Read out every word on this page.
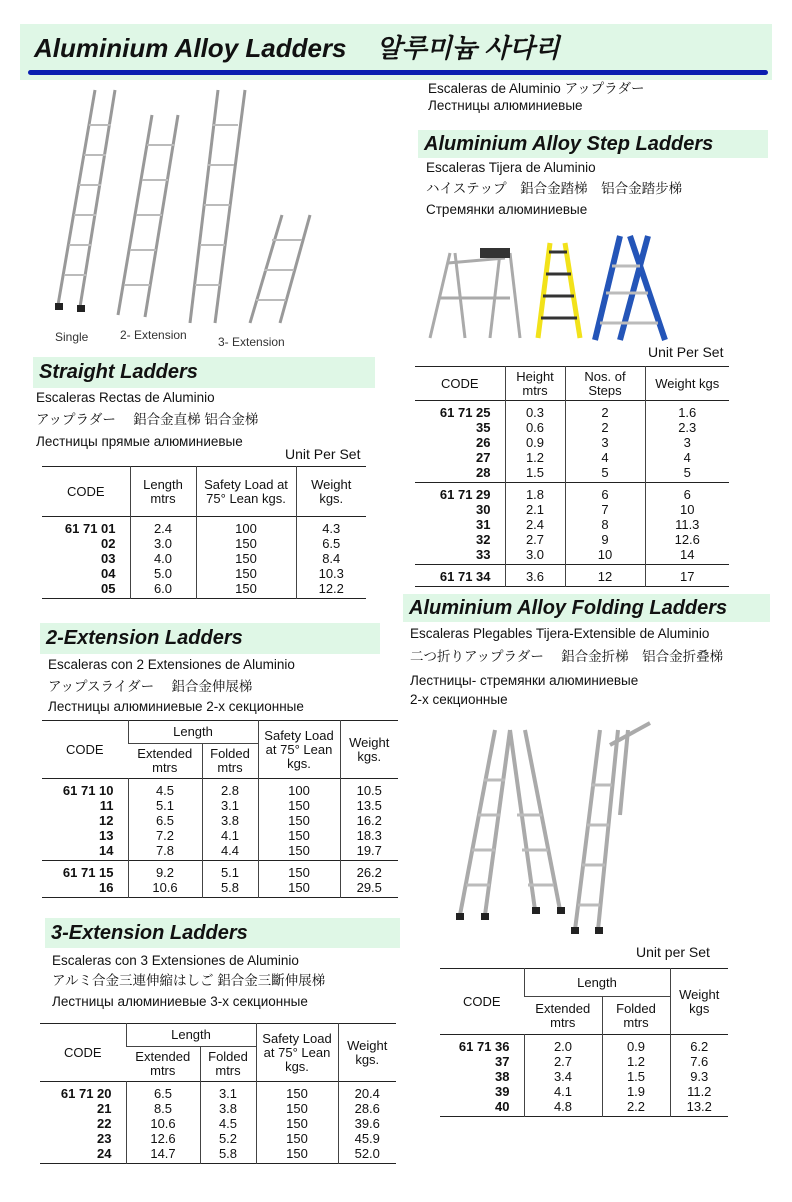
Aluminium Alloy Ladders 알루미늄 사다리
Single	2- Extension	3- Extension
Escaleras de Aluminio アップラダー
Лестницы алюминиевые
Straight Ladders
Escaleras Rectas de Aluminio
アップラダー　 鋁合金直梯 铝合金梯
Лестницы прямые алюминиевые
Unit Per Set
CODE	Length mtrs	Safety Load at 75° Lean kgs.	Weight kgs.
61 71 01	2.4	100	4.3
02	3.0	150	6.5
03	4.0	150	8.4
04	5.0	150	10.3
05	6.0	150	12.2
2-Extension Ladders
Escaleras con 2 Extensiones de Aluminio
アップスライダー　 鋁合金伸展梯
Лестницы алюминиевые 2-х секционные
CODE	Length		Safety Load at 75° Lean kgs.	Weight kgs.
	Extended mtrs	Folded mtrs		
61 71 10	4.5	2.8	100	10.5
11	5.1	3.1	150	13.5
12	6.5	3.8	150	16.2
13	7.2	4.1	150	18.3
14	7.8	4.4	150	19.7
61 71 15	9.2	5.1	150	26.2
16	10.6	5.8	150	29.5
3-Extension Ladders
Escaleras con 3 Extensiones de Aluminio
アルミ合金三連伸縮はしご 鋁合金三斷伸展梯
Лестницы алюминиевые 3-х секционные
CODE	Length		Safety Load at 75° Lean kgs.	Weight kgs.
	Extended mtrs	Folded mtrs		
61 71 20	6.5	3.1	150	20.4
21	8.5	3.8	150	28.6
22	10.6	4.5	150	39.6
23	12.6	5.2	150	45.9
24	14.7	5.8	150	52.0
Aluminium Alloy Step Ladders
Escaleras Tijera de Aluminio
ハイステップ　鋁合金踏梯　铝合金踏步梯
Стремянки алюминиевые
Unit Per Set
CODE	Height mtrs	Nos. of Steps	Weight kgs
61 71 25	0.3	2	1.6
35	0.6	2	2.3
26	0.9	3	3
27	1.2	4	4
28	1.5	5	5
61 71 29	1.8	6	6
30	2.1	7	10
31	2.4	8	11.3
32	2.7	9	12.6
33	3.0	10	14
61 71 34	3.6	12	17
Aluminium Alloy Folding Ladders
Escaleras Plegables Tijera-Extensible de Aluminio
二つ折りアップラダー　 鋁合金折梯　铝合金折叠梯
Лестницы- стремянки алюминиевые
2-х секционные
Unit per Set
CODE	Length		Weight kgs
	Extended mtrs	Folded mtrs	
61 71 36	2.0	0.9	6.2
37	2.7	1.2	7.6
38	3.4	1.5	9.3
39	4.1	1.9	11.2
40	4.8	2.2	13.2
